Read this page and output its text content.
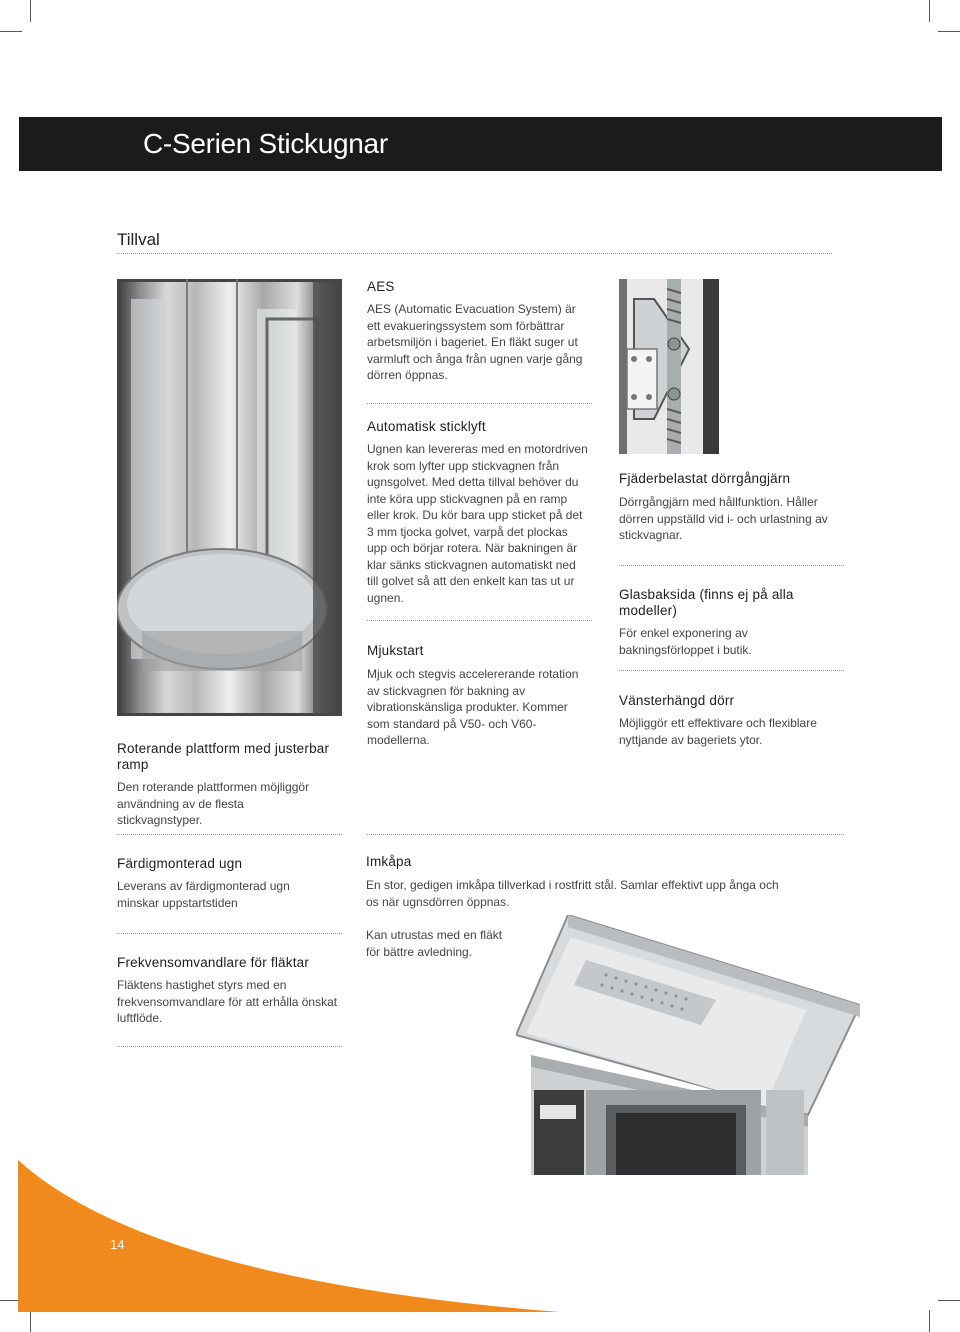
C-Serien Stickugnar
Tillval
AES
AES (Automatic Evacuation System) är ett evakueringssystem som förbättrar arbetsmiljön i bageriet. En fläkt suger ut varmluft och ånga från ugnen varje gång dörren öppnas.
Automatisk sticklyft
Ugnen kan levereras med en motordriven krok som lyfter upp stickvagnen från ugnsgolvet. Med detta tillval behöver du inte köra upp stickvagnen på en ramp eller krok. Du kör bara upp sticket på det 3 mm tjocka golvet, varpå det plockas upp och börjar rotera. När bakningen är klar sänks stickvagnen automatiskt ned till golvet så att den enkelt kan tas ut ur ugnen.
Mjukstart
Mjuk och stegvis accelererande rotation av stickvagnen för bakning av vibrationskänsliga produkter. Kommer som standard på V50- och V60-modellerna.
Fjäderbelastat dörrgångjärn
Dörrgångjärn med hållfunktion. Håller dörren uppställd vid i- och urlastning av stickvagnar.
Glasbaksida (finns ej på alla modeller)
För enkel exponering av bakningsförloppet i butik.
Vänsterhängd dörr
Möjliggör ett effektivare och flexiblare nyttjande av bageriets ytor.
Roterande plattform med justerbar ramp
Den roterande plattformen möjliggör användning av de flesta stickvagnstyper.
Färdigmonterad ugn
Leverans av färdigmonterad ugn minskar uppstartstiden
Frekvensomvandlare för fläktar
Fläktens hastighet styrs med en frekvensomvandlare för att erhålla önskat luftflöde.
Imkåpa
En stor, gedigen imkåpa tillverkad i rostfritt stål. Samlar effektivt upp ånga och os när ugnsdörren öppnas.
Kan utrustas med en fläkt för bättre avledning.
14
